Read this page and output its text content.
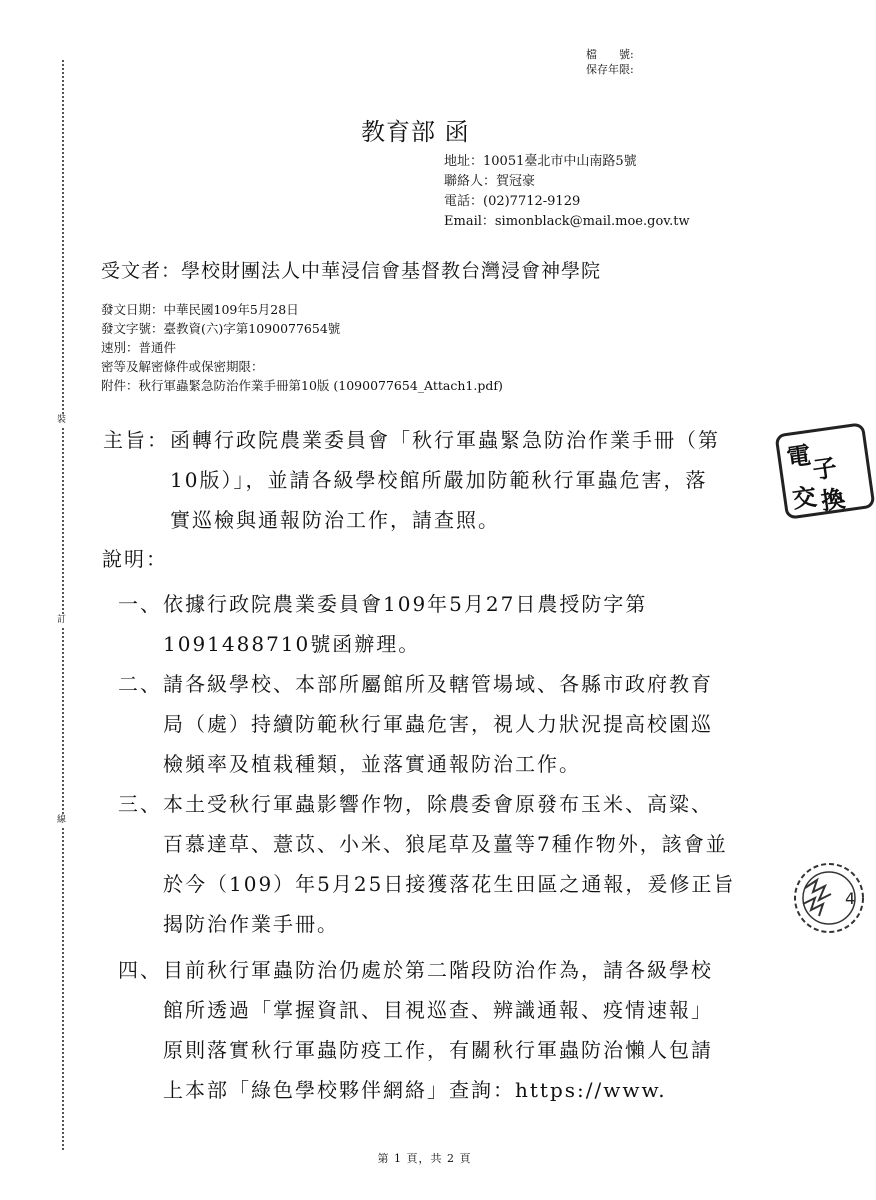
裝
訂
線
檔　　號:
保存年限:
教育部 函
地址：10051臺北市中山南路5號
聯絡人：賀冠豪
電話：(02)7712-9129
Email：simonblack@mail.moe.gov.tw
受文者：學校財團法人中華浸信會基督教台灣浸會神學院
發文日期：中華民國109年5月28日
發文字號：臺教資(六)字第1090077654號
速別：普通件
密等及解密條件或保密期限：
附件：秋行軍蟲緊急防治作業手冊第10版 (1090077654_Attach1.pdf)
主旨： 函轉行政院農業委員會「秋行軍蟲緊急防治作業手冊（第
10版）」，並請各級學校館所嚴加防範秋行軍蟲危害，落
實巡檢與通報防治工作，請查照。
說明：
一、 依據行政院農業委員會109年5月27日農授防字第
1091488710號函辦理。
二、 請各級學校、本部所屬館所及轄管場域、各縣市政府教育
局（處）持續防範秋行軍蟲危害，視人力狀況提高校園巡
檢頻率及植栽種類，並落實通報防治工作。
三、 本土受秋行軍蟲影響作物，除農委會原發布玉米、高粱、
百慕達草、薏苡、小米、狼尾草及薑等7種作物外，該會並
於今（109）年5月25日接獲落花生田區之通報，爰修正旨
揭防治作業手冊。
四、 目前秋行軍蟲防治仍處於第二階段防治作為，請各級學校
館所透過「掌握資訊、目視巡查、辨識通報、疫情速報」
原則落實秋行軍蟲防疫工作，有關秋行軍蟲防治懶人包請
上本部「綠色學校夥伴網絡」查詢：https://www.
電
子
交 換
4
第 1 頁，共 2 頁
